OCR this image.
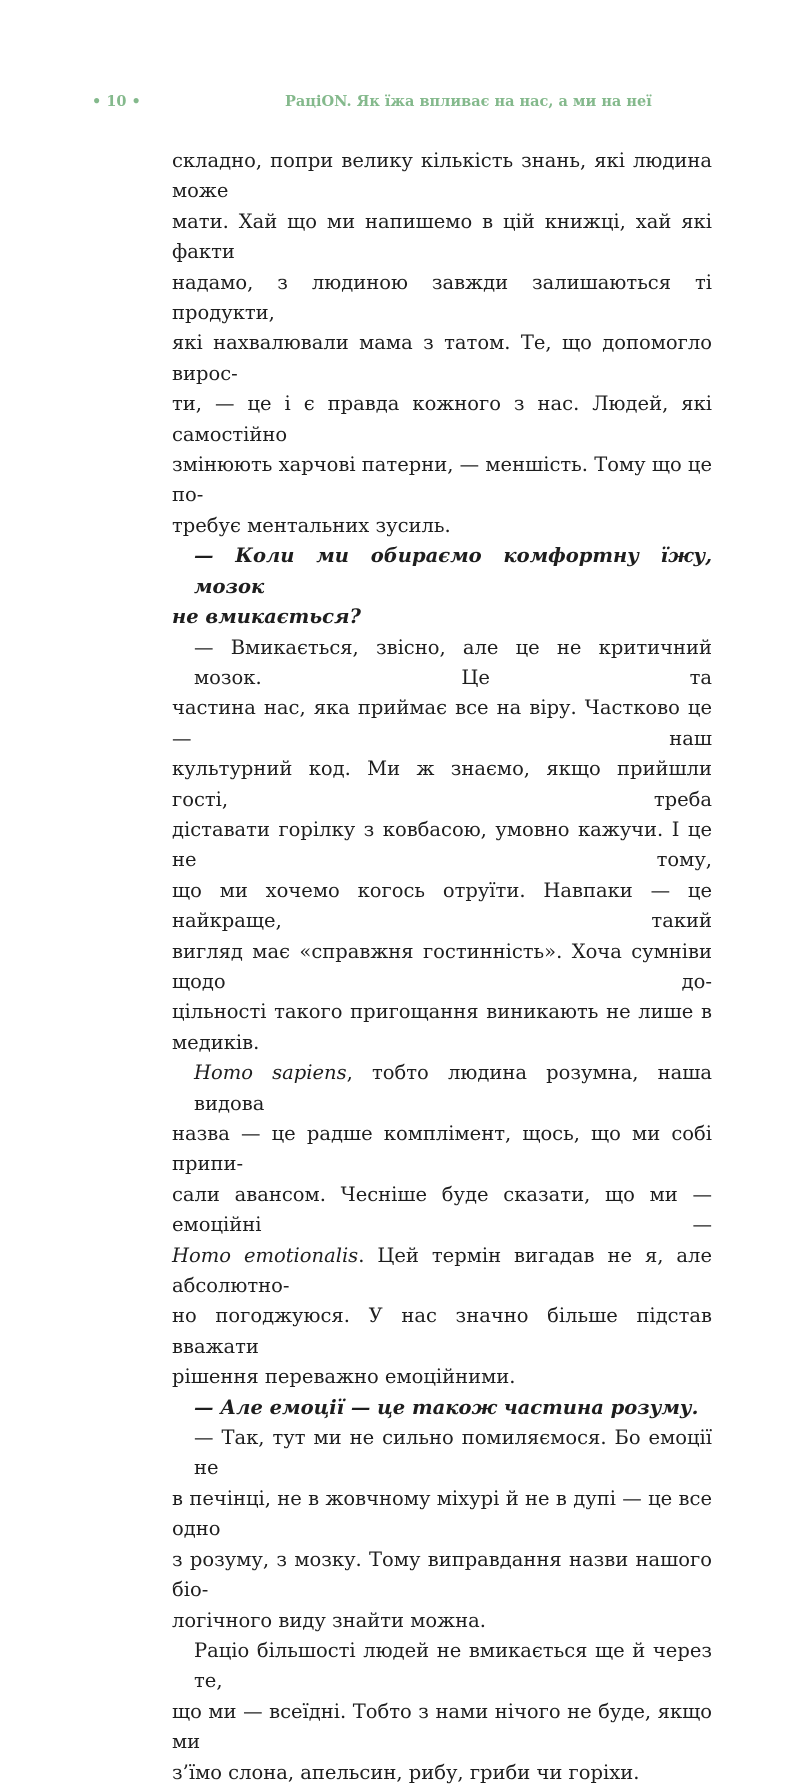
• 10 •	РаціON. Як їжа впливає на нас, а ми на неї

складно, попри велику кількість знань, які людина може

мати. Хай що ми напишемо в цій книжці, хай які факти

надамо, з людиною завжди залишаються ті продукти,

які нахвалювали мама з татом. Те, що допомогло вирос-

ти, — це і є правда кожного з нас. Людей, які самостійно

змінюють харчові патерни, — меншість. Тому що це по-

требує ментальних зусиль.

— Коли ми обираємо комфортну їжу, мозок

не вмикається?

— Вмикається, звісно, але це не критичний мозок. Це та

частина нас, яка приймає все на віру. Частково це — наш

культурний код. Ми ж знаємо, якщо прийшли гості, треба

діставати горілку з ковбасою, умовно кажучи. І це не тому,

що ми хочемо когось отруїти. Навпаки — це найкраще, такий

вигляд має «справжня гостинність». Хоча сумніви щодо до-

цільності такого пригощання виникають не лише в медиків.

Homo sapiens, тобто людина розумна, наша видова

назва — це радше комплімент, щось, що ми собі припи-

сали авансом. Чесніше буде сказати, що ми — емоційні —

Homo emotionalis. Цей термін вигадав не я, але абсолютно-

но погоджуюся. У нас значно більше підстав вважати

рішення переважно емоційними.

— Але емоції — це також частина розуму.

— Так, тут ми не сильно помиляємося. Бо емоції не

в печінці, не в жовчному міхурі й не в дупі — це все одно

з розуму, з мозку. Тому виправдання назви нашого біо-

логічного виду знайти можна.

Раціо більшості людей не вмикається ще й через те,

що ми — всеїдні. Тобто з нами нічого не буде, якщо ми

з’їмо слона, апельсин, рибу, гриби чи горіхи.
